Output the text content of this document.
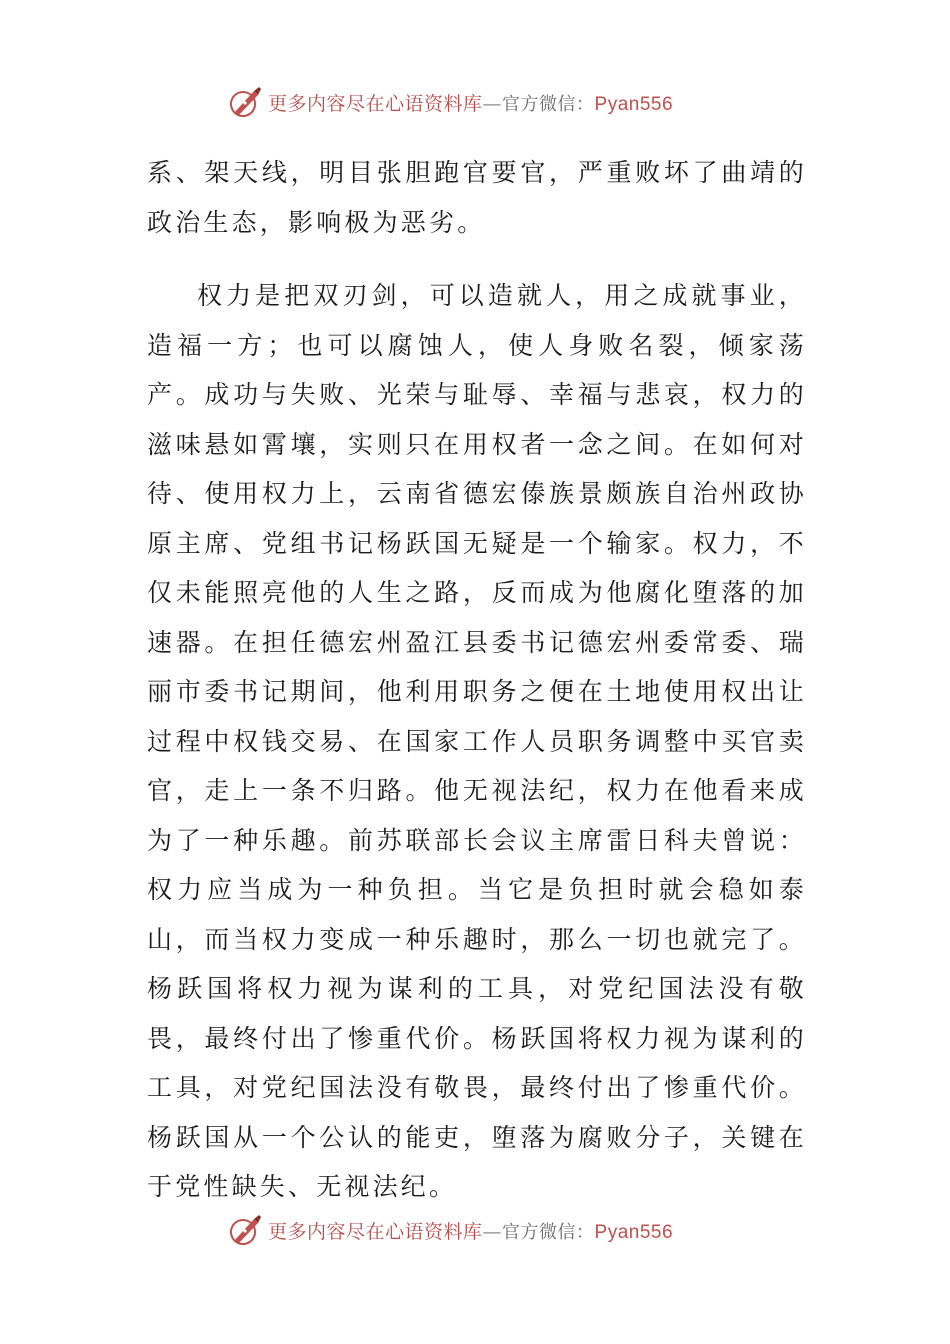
更多内容尽在心语资料库—官方微信：Pyan556

系、架天线，明目张胆跑官要官，严重败坏了曲靖的政治生态，影响极为恶劣。

权力是把双刃剑，可以造就人，用之成就事业，造福一方；也可以腐蚀人，使人身败名裂，倾家荡产。成功与失败、光荣与耻辱、幸福与悲哀，权力的滋味悬如霄壤，实则只在用权者一念之间。在如何对待、使用权力上，云南省德宏傣族景颇族自治州政协原主席、党组书记杨跃国无疑是一个输家。权力，不仅未能照亮他的人生之路，反而成为他腐化堕落的加速器。在担任德宏州盈江县委书记德宏州委常委、瑞丽市委书记期间，他利用职务之便在土地使用权出让过程中权钱交易、在国家工作人员职务调整中买官卖官，走上一条不归路。他无视法纪，权力在他看来成为了一种乐趣。前苏联部长会议主席雷日科夫曾说：权力应当成为一种负担。当它是负担时就会稳如泰山，而当权力变成一种乐趣时，那么一切也就完了。杨跃国将权力视为谋利的工具，对党纪国法没有敬畏，最终付出了惨重代价。杨跃国将权力视为谋利的工具，对党纪国法没有敬畏，最终付出了惨重代价。杨跃国从一个公认的能吏，堕落为腐败分子，关键在于党性缺失、无视法纪。

更多内容尽在心语资料库—官方微信：Pyan556
